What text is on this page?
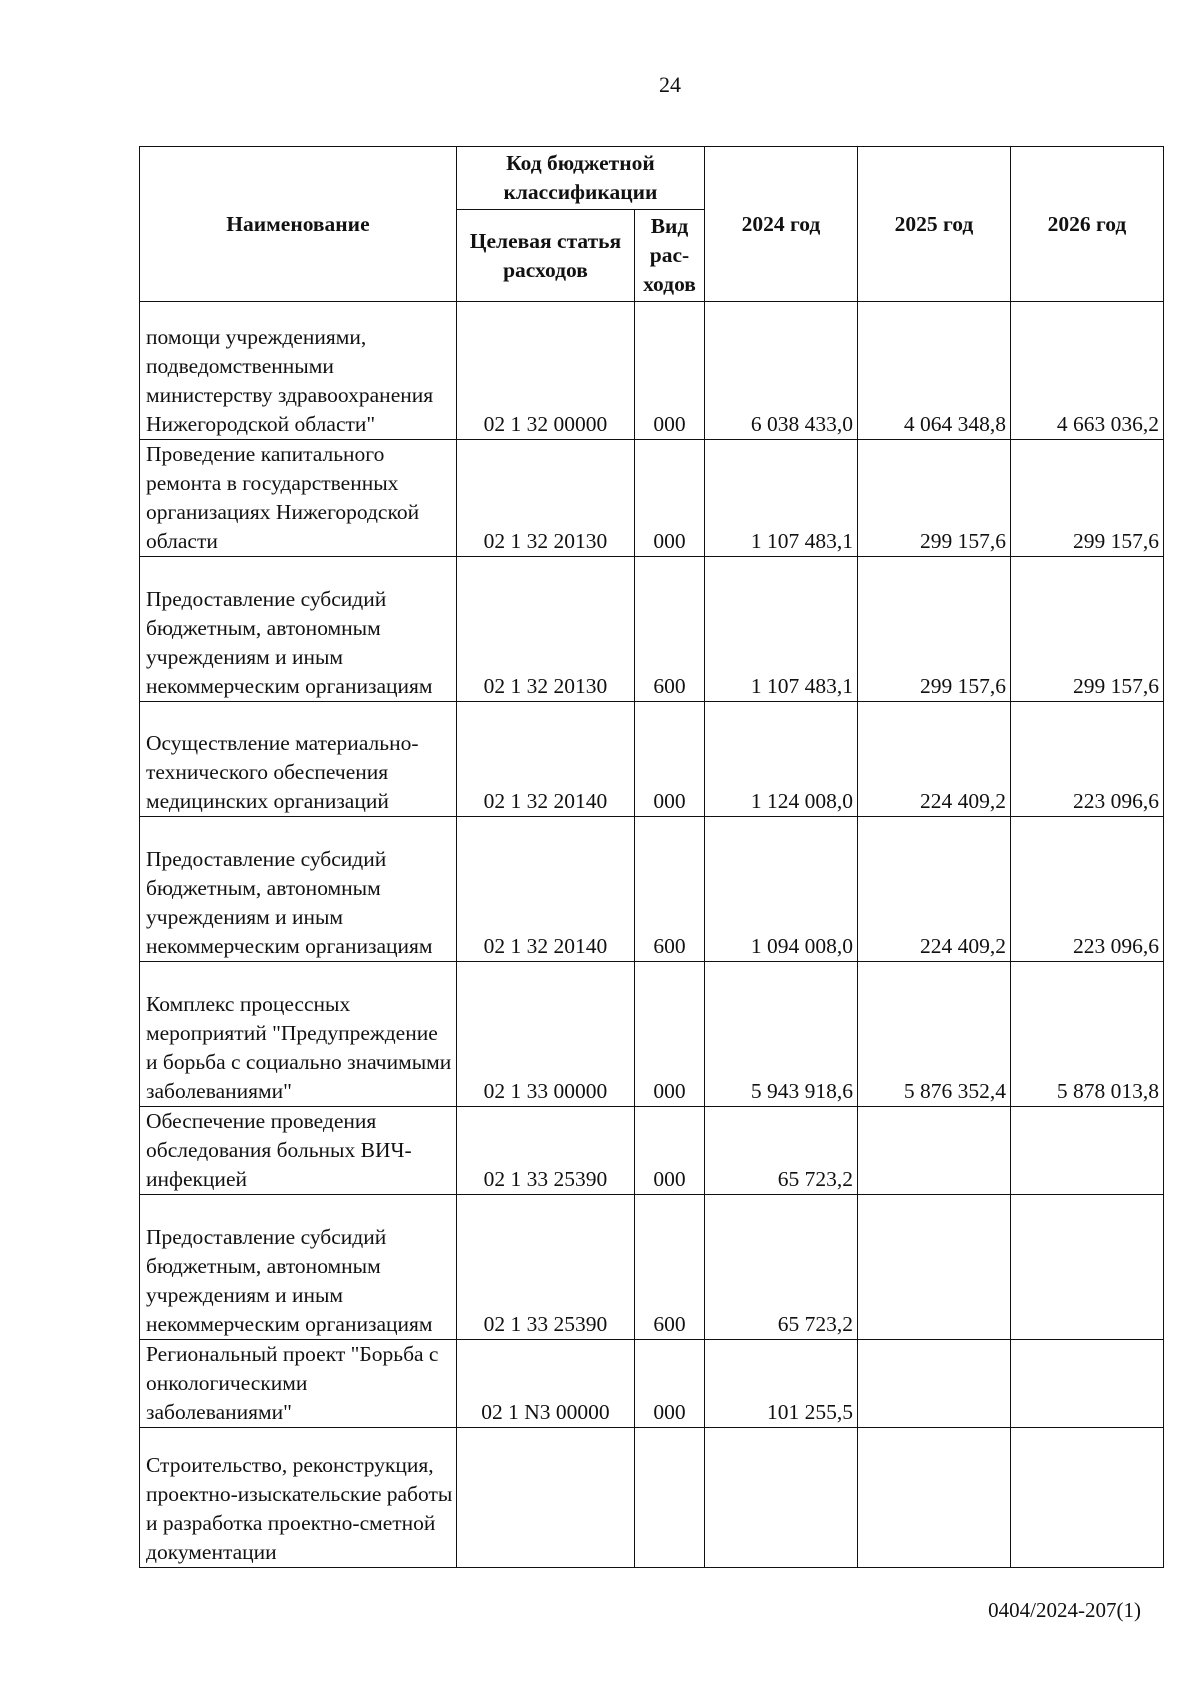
24
Наименование	Код бюджетной классификации		2024 год	2025 год	2026 год
	Целевая статья расходов	Вид рас-ходов			

помощи учреждениями, подведомственными министерству здравоохранения Нижегородской области"	02 1 32 00000	000	6 038 433,0	4 064 348,8	4 663 036,2

Проведение капитального ремонта в государственных организациях Нижегородской области	02 1 32 20130	000	1 107 483,1	299 157,6	299 157,6

Предоставление субсидий бюджетным, автономным учреждениям и иным некоммерческим организациям	02 1 32 20130	600	1 107 483,1	299 157,6	299 157,6

Осуществление материально-технического обеспечения медицинских организаций	02 1 32 20140	000	1 124 008,0	224 409,2	223 096,6

Предоставление субсидий бюджетным, автономным учреждениям и иным некоммерческим организациям	02 1 32 20140	600	1 094 008,0	224 409,2	223 096,6

Комплекс процессных мероприятий "Предупреждение и борьба с социально значимыми заболеваниями"	02 1 33 00000	000	5 943 918,6	5 876 352,4	5 878 013,8

Обеспечение проведения обследования больных ВИЧ-инфекцией	02 1 33 25390	000	65 723,2		

Предоставление субсидий бюджетным, автономным учреждениям и иным некоммерческим организациям	02 1 33 25390	600	65 723,2		

Региональный проект "Борьба с онкологическими заболеваниями"	02 1 N3 00000	000	101 255,5		

Строительство, реконструкция, проектно-изыскательские работы и разработка проектно-сметной документации					

0404/2024-207(1)
